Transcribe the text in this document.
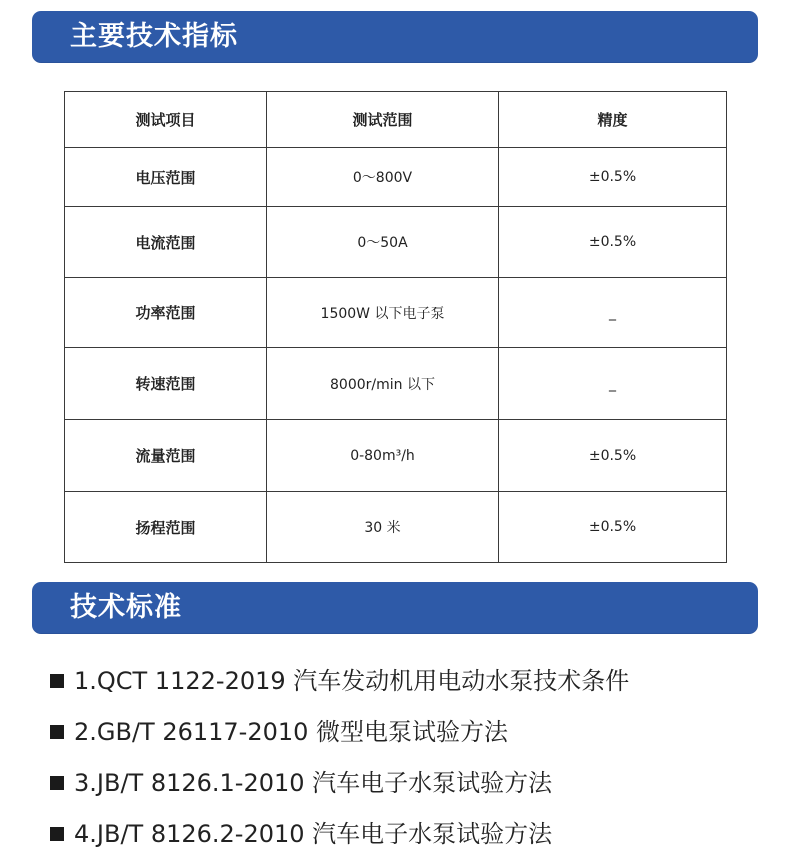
主要技术指标
测试项目	测试范围	精度
电压范围	0～800V	±0.5%
电流范围	0～50A	±0.5%
功率范围	1500W 以下电子泵	_
转速范围	8000r/min 以下	_
流量范围	0-80m³/h	±0.5%
扬程范围	30 米	±0.5%
技术标准
1.QCT 1122-2019 汽车发动机用电动水泵技术条件
2.GB/T 26117-2010 微型电泵试验方法
3.JB/T 8126.1-2010 汽车电子水泵试验方法
4.JB/T 8126.2-2010 汽车电子水泵试验方法
